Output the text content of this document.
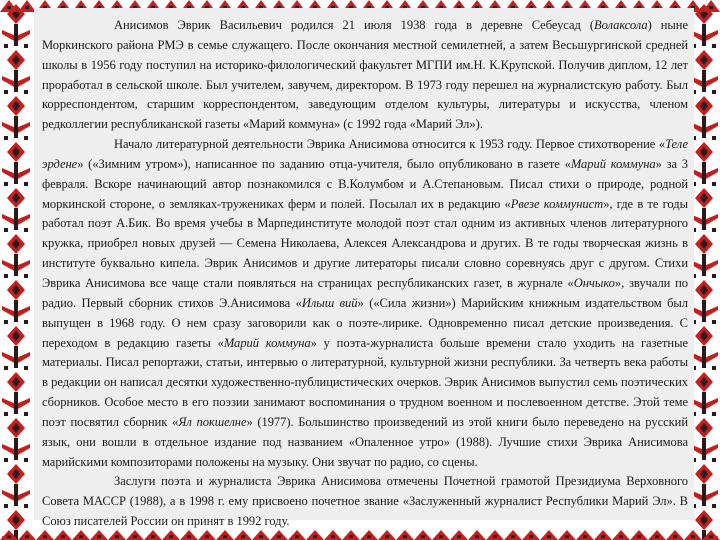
Анисимов Эврик Васильевич родился 21 июля 1938 года в деревне Себеусад (Волаксола) ныне Моркинского района РМЭ в семье служащего. После окончания местной семилетней, а затем Весьшургинской средней школы в 1956 году поступил на историко-филологический факультет МГПИ им.Н. К.Крупской. Получив диплом, 12 лет проработал в сельской школе. Был учителем, завучем, директором. В 1973 году перешел на журналистскую работу. Был корреспондентом, старшим корреспондентом, заведующим отделом культуры, литературы и искусства, членом редколлегии республиканской газеты «Марий коммуна» (с 1992 года «Марий Эл»).

Начало литературной деятельности Эврика Анисимова относится к 1953 году. Первое стихотворение «Теле эрдене» («Зимним утром»), написанное по заданию отца-учителя, было опубликовано в газете «Марий коммуна» за 3 февраля. Вскоре начинающий автор познакомился с В.Колумбом и А.Степановым. Писал стихи о природе, родной моркинской стороне, о земляках-тружениках ферм и полей. Посылал их в редакцию «Рвезе коммунист», где в те годы работал поэт А.Бик. Во время учебы в Марпединституте молодой поэт стал одним из активных членов литературного кружка, приобрел новых друзей — Семена Николаева, Алексея Александрова и других. В те годы творческая жизнь в институте буквально кипела. Эврик Анисимов и другие литераторы писали словно соревнуясь друг с другом. Стихи Эврика Анисимова все чаще стали появляться на страницах республиканских газет, в журнале «Ончыко», звучали по радио. Первый сборник стихов Э.Анисимова «Илыш вий» («Сила жизни») Марийским книжным издательством был выпущен в 1968 году. О нем сразу заговорили как о поэте-лирике. Одновременно писал детские произведения. С переходом в редакцию газеты «Марий коммуна» у поэта-журналиста больше времени стало уходить на газетные материалы. Писал репортажи, статьи, интервью о литературной, культурной жизни республики. За четверть века работы в редакции он написал десятки художественно-публицистических очерков. Эврик Анисимов выпустил семь поэтических сборников. Особое место в его поэзии занимают воспоминания о трудном военном и послевоенном детстве. Этой теме поэт посвятил сборник «Ял покшелне» (1977). Большинство произведений из этой книги было переведено на русский язык, они вошли в отдельное издание под названием «Опаленное утро» (1988). Лучшие стихи Эврика Анисимова марийскими композиторами положены на музыку. Они звучат по радио, со сцены.

Заслуги поэта и журналиста Эврика Анисимова отмечены Почетной грамотой Президиума Верховного Совета МАССР (1988), а в 1998 г. ему присвоено почетное звание «Заслуженный журналист Республики Марий Эл». В Союз писателей России он принят в 1992 году.
